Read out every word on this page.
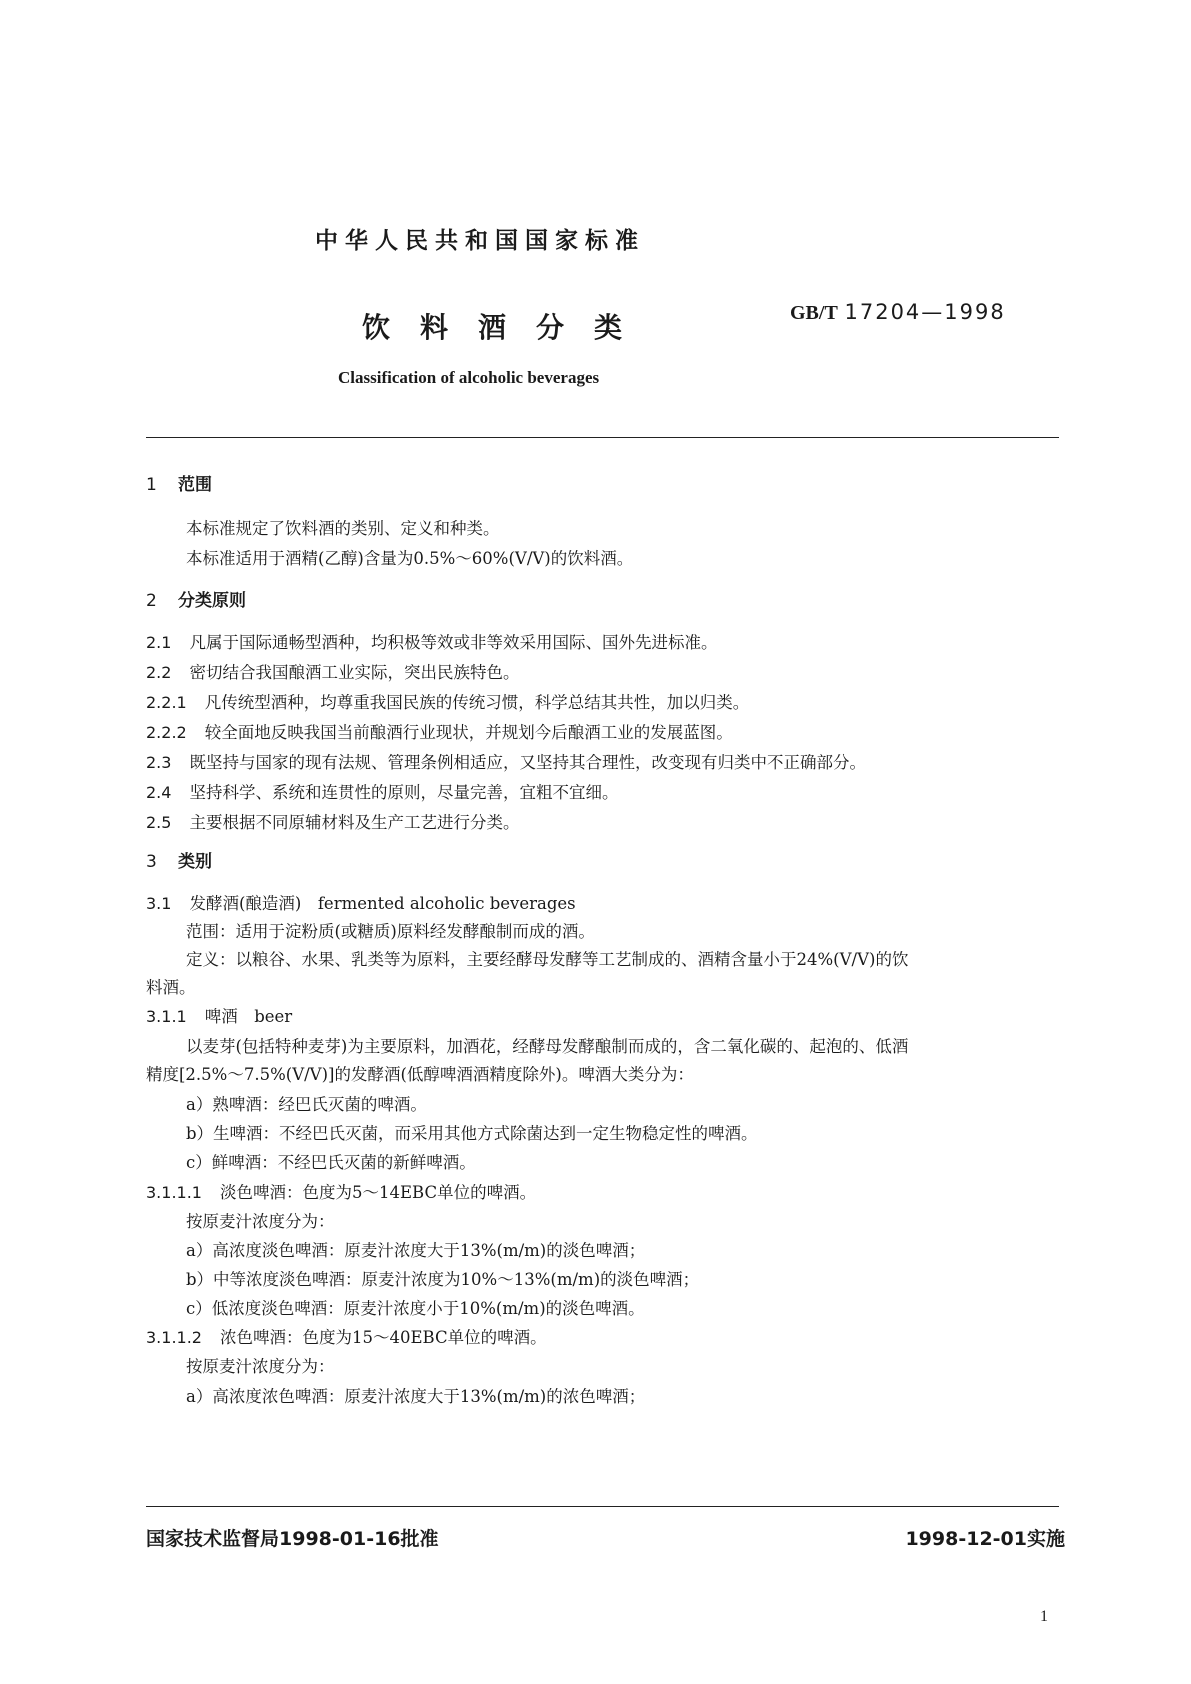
中华人民共和国国家标准
饮料酒分类	GB/T 17204—1998
Classification of alcoholic beverages
1 范围
本标准规定了饮料酒的类别、定义和种类。
本标准适用于酒精(乙醇)含量为0.5%～60%(V/V)的饮料酒。
2 分类原则
2.1 凡属于国际通畅型酒种，均积极等效或非等效采用国际、国外先进标准。
2.2 密切结合我国酿酒工业实际，突出民族特色。
2.2.1 凡传统型酒种，均尊重我国民族的传统习惯，科学总结其共性，加以归类。
2.2.2 较全面地反映我国当前酿酒行业现状，并规划今后酿酒工业的发展蓝图。
2.3 既坚持与国家的现有法规、管理条例相适应，又坚持其合理性，改变现有归类中不正确部分。
2.4 坚持科学、系统和连贯性的原则，尽量完善，宜粗不宜细。
2.5 主要根据不同原辅材料及生产工艺进行分类。
3 类别
3.1 发酵酒(酿造酒)　fermented alcoholic beverages
范围：适用于淀粉质(或糖质)原料经发酵酿制而成的酒。
定义：以粮谷、水果、乳类等为原料，主要经酵母发酵等工艺制成的、酒精含量小于24%(V/V)的饮
料酒。
3.1.1 啤酒　beer
以麦芽(包括特种麦芽)为主要原料，加酒花，经酵母发酵酿制而成的，含二氧化碳的、起泡的、低酒
精度[2.5%～7.5%(V/V)]的发酵酒(低醇啤酒酒精度除外)。啤酒大类分为：
a）熟啤酒：经巴氏灭菌的啤酒。
b）生啤酒：不经巴氏灭菌，而采用其他方式除菌达到一定生物稳定性的啤酒。
c）鲜啤酒：不经巴氏灭菌的新鲜啤酒。
3.1.1.1 淡色啤酒：色度为5～14EBC单位的啤酒。
按原麦汁浓度分为：
a）高浓度淡色啤酒：原麦汁浓度大于13%(m/m)的淡色啤酒；
b）中等浓度淡色啤酒：原麦汁浓度为10%～13%(m/m)的淡色啤酒；
c）低浓度淡色啤酒：原麦汁浓度小于10%(m/m)的淡色啤酒。
3.1.1.2 浓色啤酒：色度为15～40EBC单位的啤酒。
按原麦汁浓度分为：
a）高浓度浓色啤酒：原麦汁浓度大于13%(m/m)的浓色啤酒；
国家技术监督局1998-01-16批准	1998-12-01实施
1
